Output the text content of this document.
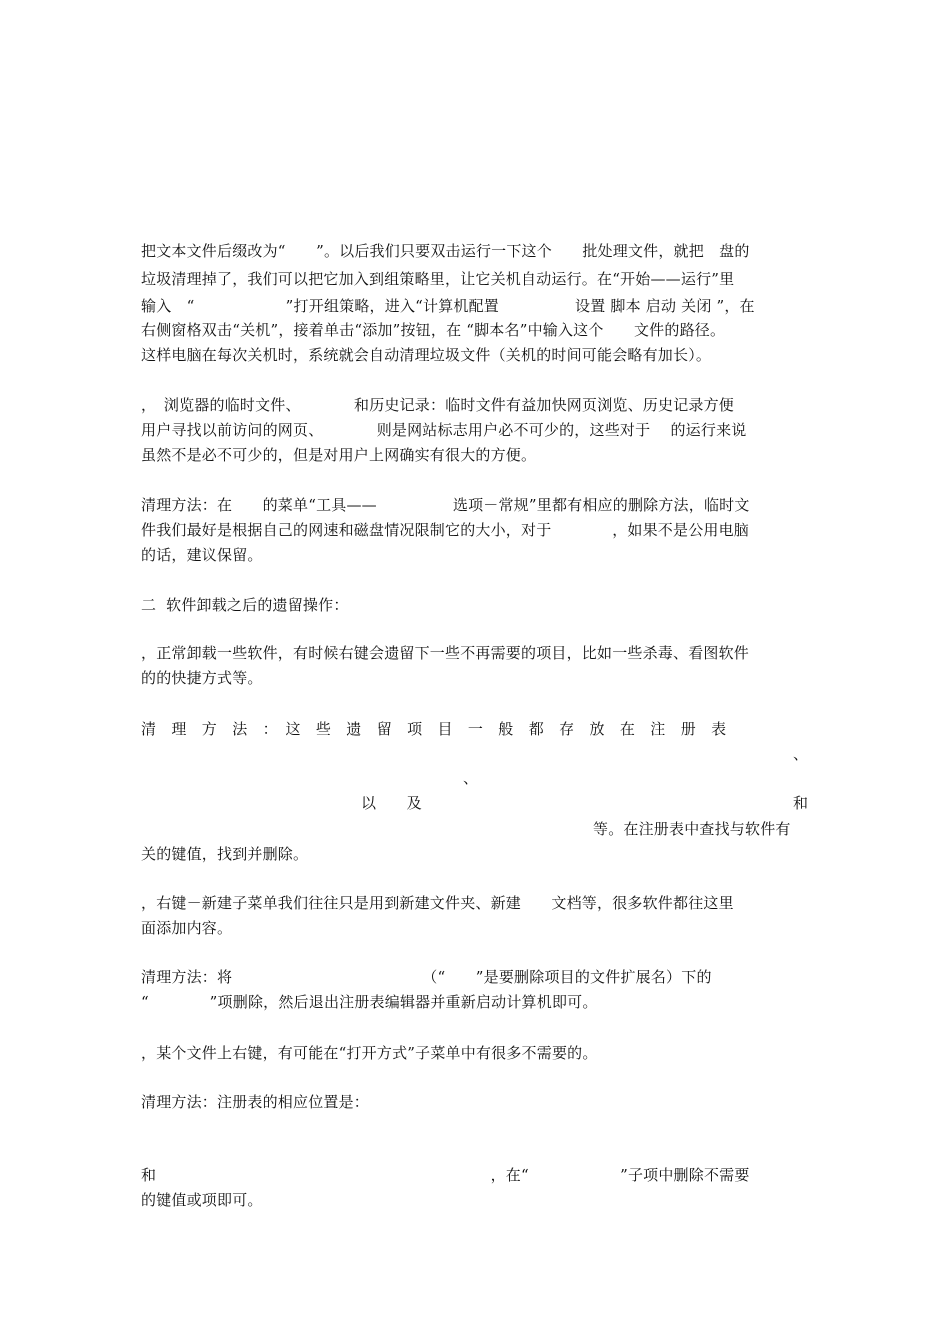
把文本文件后缀改为“　　”。以后我们只要双击运行一下这个　　批处理文件，就把　盘的
垃圾清理掉了，我们可以把它加入到组策略里，让它关机自动运行。在“开始——运行”里
输入　“　　　　　　”打开组策略，进入“计算机配置　　　　　设置 脚本 启动 关闭 ”，在
右侧窗格双击“关机”，接着单击“添加”按钮，在 “脚本名”中输入这个　　文件的路径。
这样电脑在每次关机时，系统就会自动清理垃圾文件（关机的时间可能会略有加长）。
，　浏览器的临时文件、　　　　和历史记录：临时文件有益加快网页浏览、历史记录方便
用户寻找以前访问的网页、　　　　则是网站标志用户必不可少的，这些对于　 的运行来说
虽然不是必不可少的，但是对用户上网确实有很大的方便。
清理方法：在　　的菜单“工具——　　　　　选项－常规”里都有相应的删除方法，临时文
件我们最好是根据自己的网速和磁盘情况限制它的大小，对于　　　　，如果不是公用电脑
的话，建议保留。
二  软件卸载之后的遗留操作：
，正常卸载一些软件，有时候右键会遗留下一些不再需要的项目，比如一些杀毒、看图软件
的的快捷方式等。
清　理　方　法　：　这　些　遗　留　项　目　一　般　都　存　放　在　注　册　表
、
、
以　　及	和
等。在注册表中查找与软件有
关的键值，找到并删除。
，右键－新建子菜单我们往往只是用到新建文件夹、新建　　文档等，很多软件都往这里
面添加内容。
清理方法：将　　　　　　　　　　　　　（“　　”是要删除项目的文件扩展名）下的
“　　　　”项删除，然后退出注册表编辑器并重新启动计算机即可。
，某个文件上右键，有可能在“打开方式”子菜单中有很多不需要的。
清理方法：注册表的相应位置是：
和　　　　　　　　　　　　　　　　　　　　　　，在“　　　　　　”子项中删除不需要
的键值或项即可。
